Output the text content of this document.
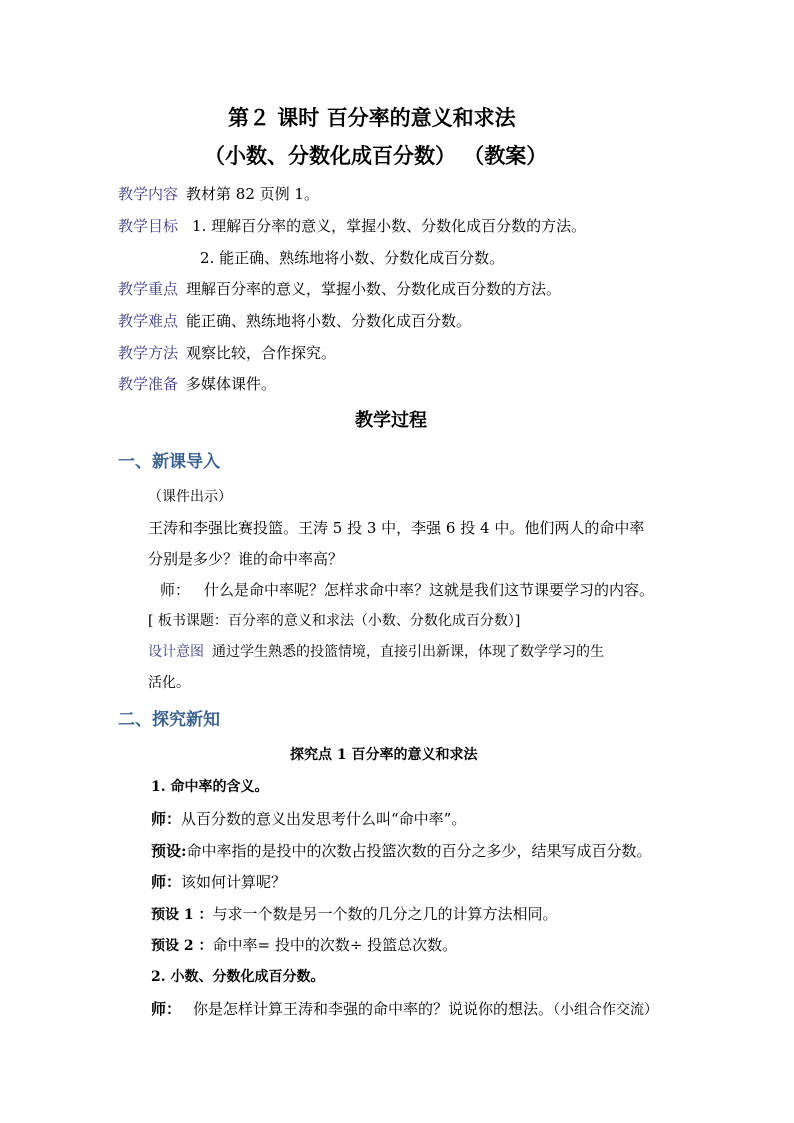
第２ 课时 百分率的意义和求法
（小数、分数化成百分数） （教案）
教学内容 教材第 82 页例 1。
教学目标 1. 理解百分率的意义，掌握小数、分数化成百分数的方法。
2. 能正确、熟练地将小数、分数化成百分数。
教学重点 理解百分率的意义，掌握小数、分数化成百分数的方法。
教学难点 能正确、熟练地将小数、分数化成百分数。
教学方法 观察比较，合作探究。
教学准备 多媒体课件。
教学过程
一、新课导入
（课件出示）
王涛和李强比赛投篮。王涛 5 投 3 中，李强 6 投 4 中。他们两人的命中率
分别是多少？谁的命中率高？
师： 什么是命中率呢？怎样求命中率？这就是我们这节课要学习的内容。
[ 板书课题：百分率的意义和求法（小数、分数化成百分数）]
设计意图 通过学生熟悉的投篮情境，直接引出新课，体现了数学学习的生
活化。
二、探究新知
探究点 1 百分率的意义和求法
1. 命中率的含义。
师：从百分数的意义出发思考什么叫“命中率”。
预设:命中率指的是投中的次数占投篮次数的百分之多少，结果写成百分数。
师：该如何计算呢？
预设 1 ：与求一个数是另一个数的几分之几的计算方法相同。
预设 2 ：命中率= 投中的次数÷ 投篮总次数。
2. 小数、分数化成百分数。
师： 你是怎样计算王涛和李强的命中率的？说说你的想法。（小组合作交流）
